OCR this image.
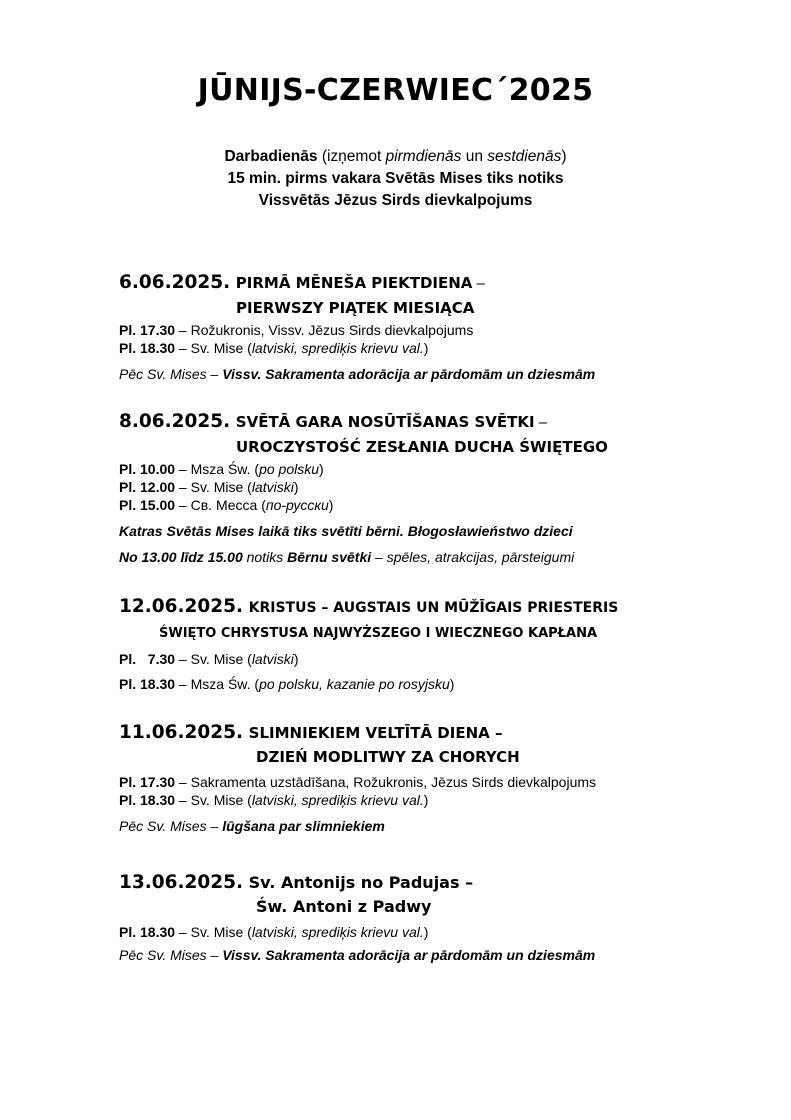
JŪNIJS-CZERWIEC´2025
Darbadienās (izņemot pirmdienās un sestdienās)
15 min. pirms vakara Svētās Mises tiks notiks
Vissvētās Jēzus Sirds dievkalpojums
6.06.2025. PIRMĀ MĒNEŠA PIEKTDIENA –
PIERWSZY PIĄTEK MIESIĄCA
Pl. 17.30 – Rožukronis, Vissv. Jēzus Sirds dievkalpojums
Pl. 18.30 – Sv. Mise (latviski, sprediķis krievu val.)
Pēc Sv. Mises – Vissv. Sakramenta adorācija ar pārdomām un dziesmām
8.06.2025. SVĒTĀ GARA NOSŪTĪŠANAS SVĒTKI –
UROCZYSTOŚĆ ZESŁANIA DUCHA ŚWIĘTEGO
Pl. 10.00 – Msza Św. (po polsku)
Pl. 12.00 – Sv. Mise (latviski)
Pl. 15.00 – Св. Месса (по-русски)
Katras Svētās Mises laikā tiks svētīti bērni. Błogosławieństwo dzieci
No 13.00 līdz 15.00 notiks Bērnu svētki – spēles, atrakcijas, pārsteigumi
12.06.2025. KRISTUS – AUGSTAIS UN MŪŽĪGAIS PRIESTERIS
ŚWIĘTO CHRYSTUSA NAJWYŻSZEGO I WIECZNEGO KAPŁANA
Pl.   7.30 – Sv. Mise (latviski)
Pl. 18.30 – Msza Św. (po polsku, kazanie po rosyjsku)
11.06.2025. SLIMNIEKIEM VELTĪTĀ DIENA –
DZIEŃ MODLITWY ZA CHORYCH
Pl. 17.30 – Sakramenta uzstādīšana, Rožukronis, Jēzus Sirds dievkalpojums
Pl. 18.30 – Sv. Mise (latviski, sprediķis krievu val.)
Pēc Sv. Mises – lūgšana par slimniekiem
13.06.2025. Sv. Antonijs no Padujas –
Św. Antoni z Padwy
Pl. 18.30 – Sv. Mise (latviski, sprediķis krievu val.)
Pēc Sv. Mises – Vissv. Sakramenta adorācija ar pārdomām un dziesmām
